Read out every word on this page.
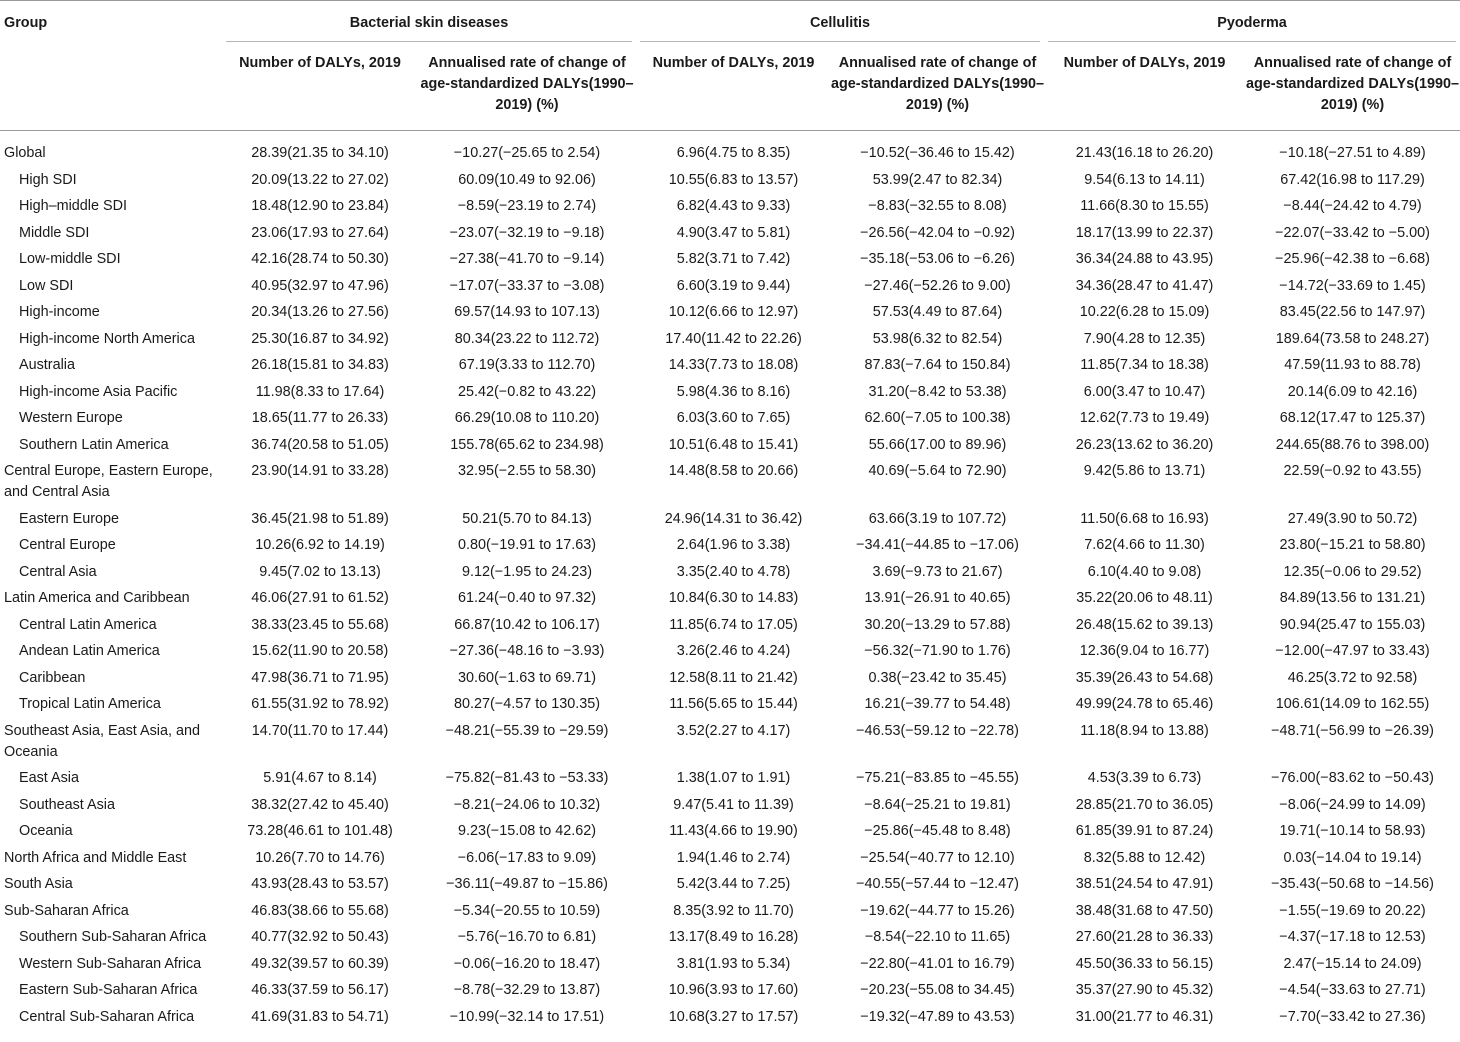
Group	Bacterial skin diseases		Cellulitis		Pyoderma	

	Number of DALYs, 2019	Annualised rate of change of age-standardized DALYs(1990–2019) (%)	Number of DALYs, 2019	Annualised rate of change of age-standardized DALYs(1990–2019) (%)	Number of DALYs, 2019	Annualised rate of change of age-standardized DALYs(1990–2019) (%)
Global	28.39(21.35 to 34.10)	−10.27(−25.65 to 2.54)	6.96(4.75 to 8.35)	−10.52(−36.46 to 15.42)	21.43(16.18 to 26.20)	−10.18(−27.51 to 4.89)
High SDI	20.09(13.22 to 27.02)	60.09(10.49 to 92.06)	10.55(6.83 to 13.57)	53.99(2.47 to 82.34)	9.54(6.13 to 14.11)	67.42(16.98 to 117.29)
High–middle SDI	18.48(12.90 to 23.84)	−8.59(−23.19 to 2.74)	6.82(4.43 to 9.33)	−8.83(−32.55 to 8.08)	11.66(8.30 to 15.55)	−8.44(−24.42 to 4.79)
Middle SDI	23.06(17.93 to 27.64)	−23.07(−32.19 to −9.18)	4.90(3.47 to 5.81)	−26.56(−42.04 to −0.92)	18.17(13.99 to 22.37)	−22.07(−33.42 to −5.00)
Low-middle SDI	42.16(28.74 to 50.30)	−27.38(−41.70 to −9.14)	5.82(3.71 to 7.42)	−35.18(−53.06 to −6.26)	36.34(24.88 to 43.95)	−25.96(−42.38 to −6.68)
Low SDI	40.95(32.97 to 47.96)	−17.07(−33.37 to −3.08)	6.60(3.19 to 9.44)	−27.46(−52.26 to 9.00)	34.36(28.47 to 41.47)	−14.72(−33.69 to 1.45)
High-income	20.34(13.26 to 27.56)	69.57(14.93 to 107.13)	10.12(6.66 to 12.97)	57.53(4.49 to 87.64)	10.22(6.28 to 15.09)	83.45(22.56 to 147.97)
High-income North America	25.30(16.87 to 34.92)	80.34(23.22 to 112.72)	17.40(11.42 to 22.26)	53.98(6.32 to 82.54)	7.90(4.28 to 12.35)	189.64(73.58 to 248.27)
Australia	26.18(15.81 to 34.83)	67.19(3.33 to 112.70)	14.33(7.73 to 18.08)	87.83(−7.64 to 150.84)	11.85(7.34 to 18.38)	47.59(11.93 to 88.78)
High-income Asia Pacific	11.98(8.33 to 17.64)	25.42(−0.82 to 43.22)	5.98(4.36 to 8.16)	31.20(−8.42 to 53.38)	6.00(3.47 to 10.47)	20.14(6.09 to 42.16)
Western Europe	18.65(11.77 to 26.33)	66.29(10.08 to 110.20)	6.03(3.60 to 7.65)	62.60(−7.05 to 100.38)	12.62(7.73 to 19.49)	68.12(17.47 to 125.37)
Southern Latin America	36.74(20.58 to 51.05)	155.78(65.62 to 234.98)	10.51(6.48 to 15.41)	55.66(17.00 to 89.96)	26.23(13.62 to 36.20)	244.65(88.76 to 398.00)
Central Europe, Eastern Europe, and Central Asia	23.90(14.91 to 33.28)	32.95(−2.55 to 58.30)	14.48(8.58 to 20.66)	40.69(−5.64 to 72.90)	9.42(5.86 to 13.71)	22.59(−0.92 to 43.55)
Eastern Europe	36.45(21.98 to 51.89)	50.21(5.70 to 84.13)	24.96(14.31 to 36.42)	63.66(3.19 to 107.72)	11.50(6.68 to 16.93)	27.49(3.90 to 50.72)
Central Europe	10.26(6.92 to 14.19)	0.80(−19.91 to 17.63)	2.64(1.96 to 3.38)	−34.41(−44.85 to −17.06)	7.62(4.66 to 11.30)	23.80(−15.21 to 58.80)
Central Asia	9.45(7.02 to 13.13)	9.12(−1.95 to 24.23)	3.35(2.40 to 4.78)	3.69(−9.73 to 21.67)	6.10(4.40 to 9.08)	12.35(−0.06 to 29.52)
Latin America and Caribbean	46.06(27.91 to 61.52)	61.24(−0.40 to 97.32)	10.84(6.30 to 14.83)	13.91(−26.91 to 40.65)	35.22(20.06 to 48.11)	84.89(13.56 to 131.21)
Central Latin America	38.33(23.45 to 55.68)	66.87(10.42 to 106.17)	11.85(6.74 to 17.05)	30.20(−13.29 to 57.88)	26.48(15.62 to 39.13)	90.94(25.47 to 155.03)
Andean Latin America	15.62(11.90 to 20.58)	−27.36(−48.16 to −3.93)	3.26(2.46 to 4.24)	−56.32(−71.90 to 1.76)	12.36(9.04 to 16.77)	−12.00(−47.97 to 33.43)
Caribbean	47.98(36.71 to 71.95)	30.60(−1.63 to 69.71)	12.58(8.11 to 21.42)	0.38(−23.42 to 35.45)	35.39(26.43 to 54.68)	46.25(3.72 to 92.58)
Tropical Latin America	61.55(31.92 to 78.92)	80.27(−4.57 to 130.35)	11.56(5.65 to 15.44)	16.21(−39.77 to 54.48)	49.99(24.78 to 65.46)	106.61(14.09 to 162.55)
Southeast Asia, East Asia, and Oceania	14.70(11.70 to 17.44)	−48.21(−55.39 to −29.59)	3.52(2.27 to 4.17)	−46.53(−59.12 to −22.78)	11.18(8.94 to 13.88)	−48.71(−56.99 to −26.39)
East Asia	5.91(4.67 to 8.14)	−75.82(−81.43 to −53.33)	1.38(1.07 to 1.91)	−75.21(−83.85 to −45.55)	4.53(3.39 to 6.73)	−76.00(−83.62 to −50.43)
Southeast Asia	38.32(27.42 to 45.40)	−8.21(−24.06 to 10.32)	9.47(5.41 to 11.39)	−8.64(−25.21 to 19.81)	28.85(21.70 to 36.05)	−8.06(−24.99 to 14.09)
Oceania	73.28(46.61 to 101.48)	9.23(−15.08 to 42.62)	11.43(4.66 to 19.90)	−25.86(−45.48 to 8.48)	61.85(39.91 to 87.24)	19.71(−10.14 to 58.93)
North Africa and Middle East	10.26(7.70 to 14.76)	−6.06(−17.83 to 9.09)	1.94(1.46 to 2.74)	−25.54(−40.77 to 12.10)	8.32(5.88 to 12.42)	0.03(−14.04 to 19.14)
South Asia	43.93(28.43 to 53.57)	−36.11(−49.87 to −15.86)	5.42(3.44 to 7.25)	−40.55(−57.44 to −12.47)	38.51(24.54 to 47.91)	−35.43(−50.68 to −14.56)
Sub-Saharan Africa	46.83(38.66 to 55.68)	−5.34(−20.55 to 10.59)	8.35(3.92 to 11.70)	−19.62(−44.77 to 15.26)	38.48(31.68 to 47.50)	−1.55(−19.69 to 20.22)
Southern Sub-Saharan Africa	40.77(32.92 to 50.43)	−5.76(−16.70 to 6.81)	13.17(8.49 to 16.28)	−8.54(−22.10 to 11.65)	27.60(21.28 to 36.33)	−4.37(−17.18 to 12.53)
Western Sub-Saharan Africa	49.32(39.57 to 60.39)	−0.06(−16.20 to 18.47)	3.81(1.93 to 5.34)	−22.80(−41.01 to 16.79)	45.50(36.33 to 56.15)	2.47(−15.14 to 24.09)
Eastern Sub-Saharan Africa	46.33(37.59 to 56.17)	−8.78(−32.29 to 13.87)	10.96(3.93 to 17.60)	−20.23(−55.08 to 34.45)	35.37(27.90 to 45.32)	−4.54(−33.63 to 27.71)
Central Sub-Saharan Africa	41.69(31.83 to 54.71)	−10.99(−32.14 to 17.51)	10.68(3.27 to 17.57)	−19.32(−47.89 to 43.53)	31.00(21.77 to 46.31)	−7.70(−33.42 to 27.36)
